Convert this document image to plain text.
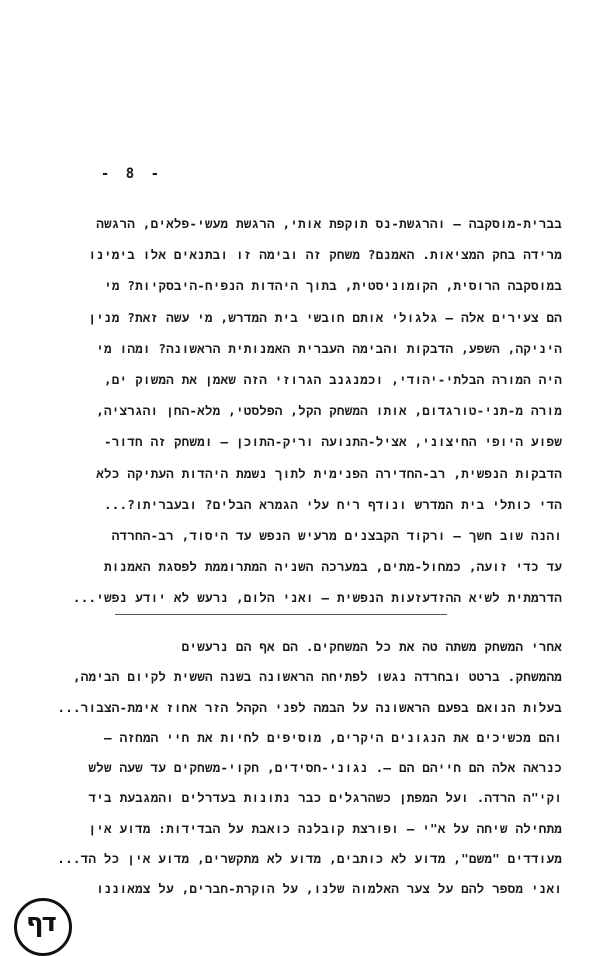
- 8 -
בברית-מוסקבה – והרגשת-נס תוקפת אותי, הרגשת מעשי-פלאים, הרגשה
מרידה בחק המציאות. האמנם? משחק זה ובימה זו ובתנאים אלו בימינו
במוסקבה הרוסית, הקומוניסטית, בתוך היהדות הנפיח-היבסקיות? מי
הם צעירים אלה – גלגולי אותם חובשי בית המדרש, מי עשה זאת? מנין
היניקה, השפע, הדבקות והבימה העברית האמנותית הראשונה? ומהו מי
היה המורה הבלתי-יהודי, וכמנגנב הגרוזי הזה שאמן את המשוק ים,
מורה מ-תני-טורגדום, אותו המשחק הקל, הפלסטי, מלא-החן והגרציה,
שפוע היופי החיצוני, אציל-התנועה וריק-התוכן – ומשחק זה חדור-
הדבקות הנפשית, רב-החדירה הפנימית לתוך נשמת היהדות העתיקה כלא
הדי כותלי בית המדרש ונודף ריח עלי הגמרא הבלים? ובעבריתו?...
והנה שוב חשך – ורקוד הקבצנים מרעיש הנפש עד היסוד, רב-החרדה
עד כדי זועה, כמחול-מתים, במערכה השניה המתרוממת לפסגת האמנות
הדרמתית לשיא ההזדעזעות הנפשית – ואני הלום, נרעש לא יודע נפשי...
אחרי המשחק משתה טה את כל המשחקים. הם אף הם נרעשים
מהמשחק. ברטט ובחרדה נגשו לפתיחה הראשונה בשנה הששית לקיום הבימה,
בעלות הנואם בפעם הראשונה על הבמה לפני הקהל הזר אחוז אימת-הצבור...
והם מכשיכים את הנגונים היקרים, מוסיפים לחיות את חיי המחזה –
כנראה אלה הם חייהם הם –. נגוני-חסידים, חקוי-משחקים עד שעה שלש
וקי"ה הרדה. ועל המפתן כשהרגלים כבר נתונות בעדרלים והמגבעת ביד
מתחילה שיחה על א"י – ופורצת קובלנה כואבת על הבדידות: מדוע אין
מעודדים "משם", מדוע לא כותבים, מדוע לא מתקשרים, מדוע אין כל הד...
ואני מספר להם על צער האלמוה שלנו, על הוקרת-חברים, על צמאוננו
דף
